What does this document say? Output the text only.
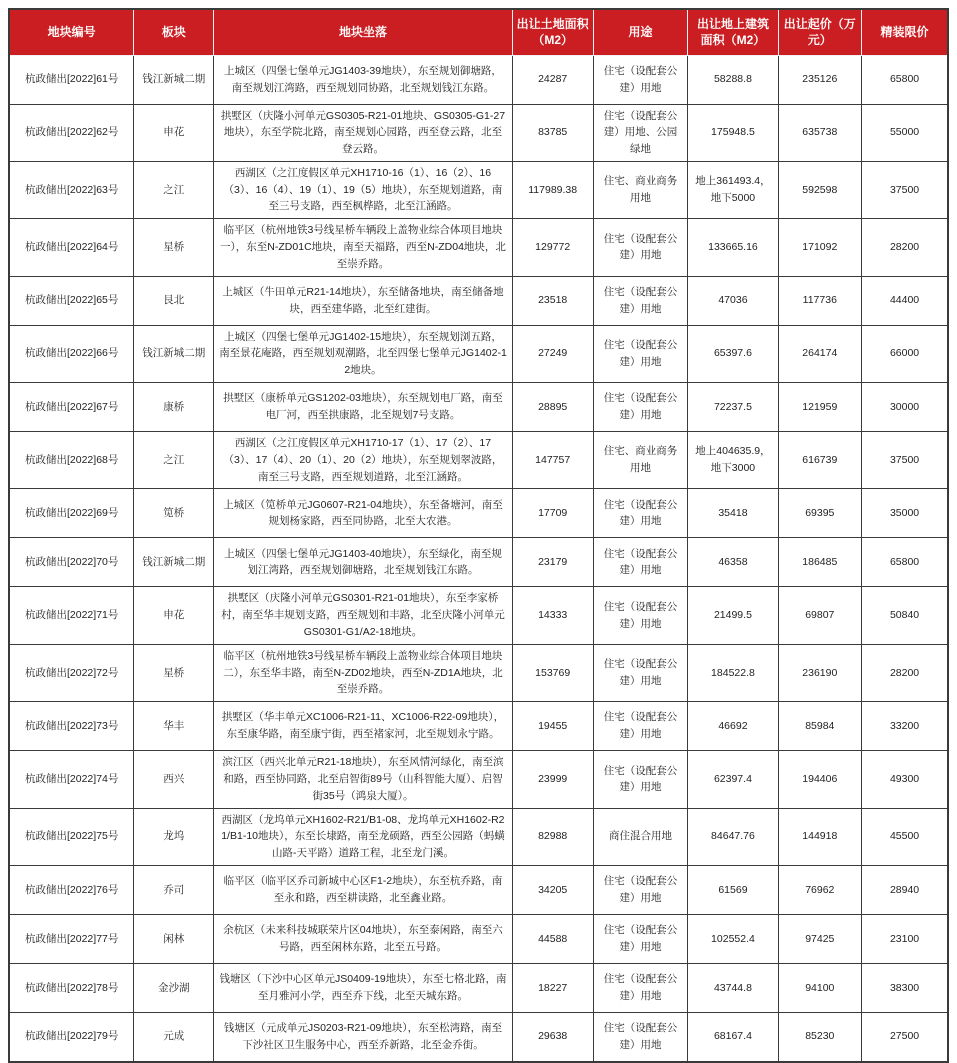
地块编号	板块	地块坐落	出让土地面积（M2）	用途	出让地上建筑面积（M2）	出让起价（万元）	精装限价
杭政储出[2022]61号	钱江新城二期	上城区（四堡七堡单元JG1403-39地块），东至规划御塘路，南至规划江湾路，西至规划同协路，北至规划钱江东路。	24287	住宅（设配套公建）用地	58288.8	235126	65800
杭政储出[2022]62号	申花	拱墅区（庆隆小河单元GS0305-R21-01地块、GS0305-G1-27地块），东至学院北路，南至规划心园路，西至登云路，北至登云路。	83785	住宅（设配套公建）用地、公园绿地	175948.5	635738	55000
杭政储出[2022]63号	之江	西湖区（之江度假区单元XH1710-16（1）、16（2）、16（3）、16（4）、19（1）、19（5）地块），东至规划道路，南至三号支路，西至枫桦路，北至江涵路。	117989.38	住宅、商业商务用地	地上361493.4，地下5000	592598	37500
杭政储出[2022]64号	星桥	临平区（杭州地铁3号线星桥车辆段上盖物业综合体项目地块一），东至N-ZD01C地块，南至天福路，西至N-ZD04地块，北至崇乔路。	129772	住宅（设配套公建）用地	133665.16	171092	28200
杭政储出[2022]65号	艮北	上城区（牛田单元R21-14地块），东至储备地块，南至储备地块，西至建华路，北至红建街。	23518	住宅（设配套公建）用地	47036	117736	44400
杭政储出[2022]66号	钱江新城二期	上城区（四堡七堡单元JG1402-15地块），东至规划浏五路，南至景花庵路，西至规划观潮路，北至四堡七堡单元JG1402-12地块。	27249	住宅（设配套公建）用地	65397.6	264174	66000
杭政储出[2022]67号	康桥	拱墅区（康桥单元GS1202-03地块），东至规划电厂路，南至电厂河，西至拱康路，北至规划7号支路。	28895	住宅（设配套公建）用地	72237.5	121959	30000
杭政储出[2022]68号	之江	西湖区（之江度假区单元XH1710-17（1）、17（2）、17（3）、17（4）、20（1）、20（2）地块），东至规划翠波路，南至三号支路，西至规划道路，北至江涵路。	147757	住宅、商业商务用地	地上404635.9，地下3000	616739	37500
杭政储出[2022]69号	笕桥	上城区（笕桥单元JG0607-R21-04地块），东至备塘河，南至规划杨家路，西至同协路，北至大农港。	17709	住宅（设配套公建）用地	35418	69395	35000
杭政储出[2022]70号	钱江新城二期	上城区（四堡七堡单元JG1403-40地块），东至绿化，南至规划江湾路，西至规划御塘路，北至规划钱江东路。	23179	住宅（设配套公建）用地	46358	186485	65800
杭政储出[2022]71号	申花	拱墅区（庆隆小河单元GS0301-R21-01地块），东至李家桥村，南至华丰规划支路，西至规划和丰路，北至庆隆小河单元GS0301-G1/A2-18地块。	14333	住宅（设配套公建）用地	21499.5	69807	50840
杭政储出[2022]72号	星桥	临平区（杭州地铁3号线星桥车辆段上盖物业综合体项目地块二），东至华丰路，南至N-ZD02地块，西至N-ZD1A地块，北至崇乔路。	153769	住宅（设配套公建）用地	184522.8	236190	28200
杭政储出[2022]73号	华丰	拱墅区（华丰单元XC1006-R21-11、XC1006-R22-09地块），东至康华路，南至康宁街，西至褚家河，北至规划永宁路。	19455	住宅（设配套公建）用地	46692	85984	33200
杭政储出[2022]74号	西兴	滨江区（西兴北单元R21-18地块），东至风情河绿化，南至滨和路，西至协同路，北至启智街89号（山科智能大厦）、启智街35号（鸿泉大厦）。	23999	住宅（设配套公建）用地	62397.4	194406	49300
杭政储出[2022]75号	龙坞	西湖区（龙坞单元XH1602-R21/B1-08、龙坞单元XH1602-R21/B1-10地块），东至长埭路，南至龙硕路，西至公园路（蚂蟥山路-天平路）道路工程，北至龙门溪。	82988	商住混合用地	84647.76	144918	45500
杭政储出[2022]76号	乔司	临平区（临平区乔司新城中心区F1-2地块），东至杭乔路，南至永和路，西至耕读路，北至鑫业路。	34205	住宅（设配套公建）用地	61569	76962	28940
杭政储出[2022]77号	闲林	余杭区（未来科技城联荣片区04地块），东至泰闲路，南至六号路，西至闲林东路，北至五号路。	44588	住宅（设配套公建）用地	102552.4	97425	23100
杭政储出[2022]78号	金沙湖	钱塘区（下沙中心区单元JS0409-19地块），东至七格北路，南至月雅河小学，西至乔下线，北至天城东路。	18227	住宅（设配套公建）用地	43744.8	94100	38300
杭政储出[2022]79号	元成	钱塘区（元成单元JS0203-R21-09地块），东至松湾路，南至下沙社区卫生服务中心，西至乔新路，北至金乔街。	29638	住宅（设配套公建）用地	68167.4	85230	27500
